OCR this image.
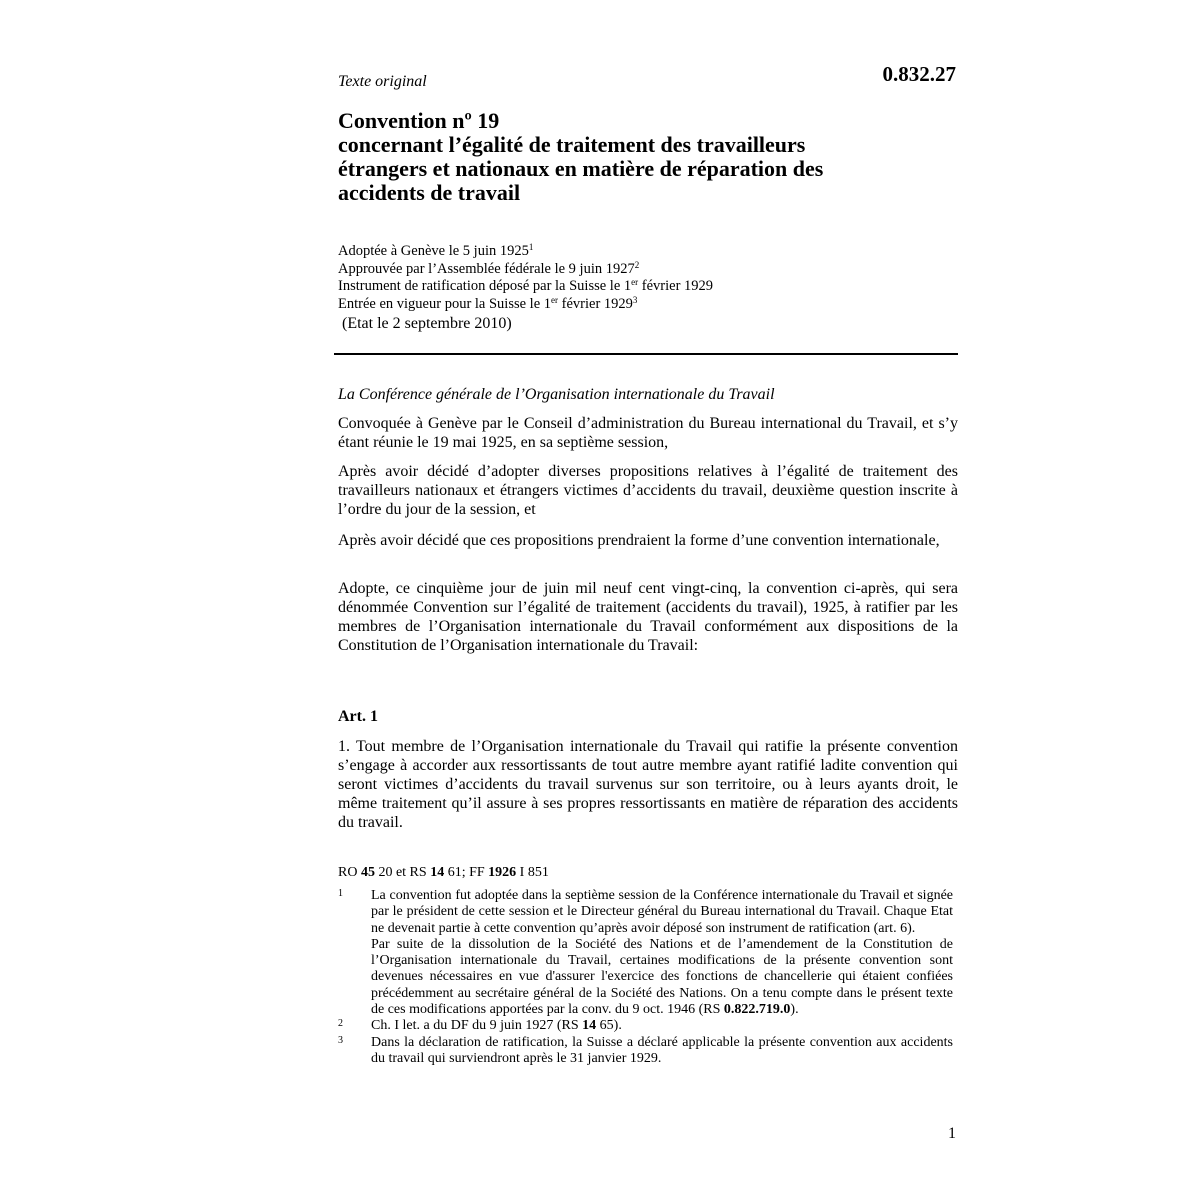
Texte original	0.832.27
Convention nº 19
concernant l’égalité de traitement des travailleurs
étrangers et nationaux en matière de réparation des
accidents de travail
Adoptée à Genève le 5 juin 1925$^1$
Approuvée par l’Assemblée fédérale le 9 juin 1927$^2$
Instrument de ratification déposé par la Suisse le 1er février 1929
Entrée en vigueur pour la Suisse le 1er février 1929$^3$
(Etat le 2 septembre 2010)
La Conférence générale de l’Organisation internationale du Travail
Convoquée à Genève par le Conseil d’administration du Bureau international du Travail, et s’y étant réunie le 19 mai 1925, en sa septième session,
Après avoir décidé d’adopter diverses propositions relatives à l’égalité de traitement des travailleurs nationaux et étrangers victimes d’accidents du travail, deuxième question inscrite à l’ordre du jour de la session, et
Après avoir décidé que ces propositions prendraient la forme d’une convention internationale,
Adopte, ce cinquième jour de juin mil neuf cent vingt-cinq, la convention ci-après, qui sera dénommée Convention sur l’égalité de traitement (accidents du travail), 1925, à ratifier par les membres de l’Organisation internationale du Travail conformément aux dispositions de la Constitution de l’Organisation internationale du Travail:
Art. 1
1. Tout membre de l’Organisation internationale du Travail qui ratifie la présente convention s’engage à accorder aux ressortissants de tout autre membre ayant ratifié ladite convention qui seront victimes d’accidents du travail survenus sur son territoire, ou à leurs ayants droit, le même traitement qu’il assure à ses propres ressortissants en matière de réparation des accidents du travail.
RO 45 20 et RS 14 61; FF 1926 I 851
1	La convention fut adoptée dans la septième session de la Conférence internationale du Travail et signée par le président de cette session et le Directeur général du Bureau international du Travail. Chaque Etat ne devenait partie à cette convention qu’après avoir déposé son instrument de ratification (art. 6).

Par suite de la dissolution de la Société des Nations et de l’amendement de la Constitution de l’Organisation internationale du Travail, certaines modifications de la présente convention sont devenues nécessaires en vue d'assurer l'exercice des fonctions de chancellerie qui étaient confiées précédemment au secrétaire général de la Société des Nations. On a tenu compte dans le présent texte de ces modifications apportées par la conv. du 9 oct. 1946 (RS 0.822.719.0).

2	Ch. I let. a du DF du 9 juin 1927 (RS 14 65).
3	Dans la déclaration de ratification, la Suisse a déclaré applicable la présente convention aux accidents du travail qui surviendront après le 31 janvier 1929.
1
